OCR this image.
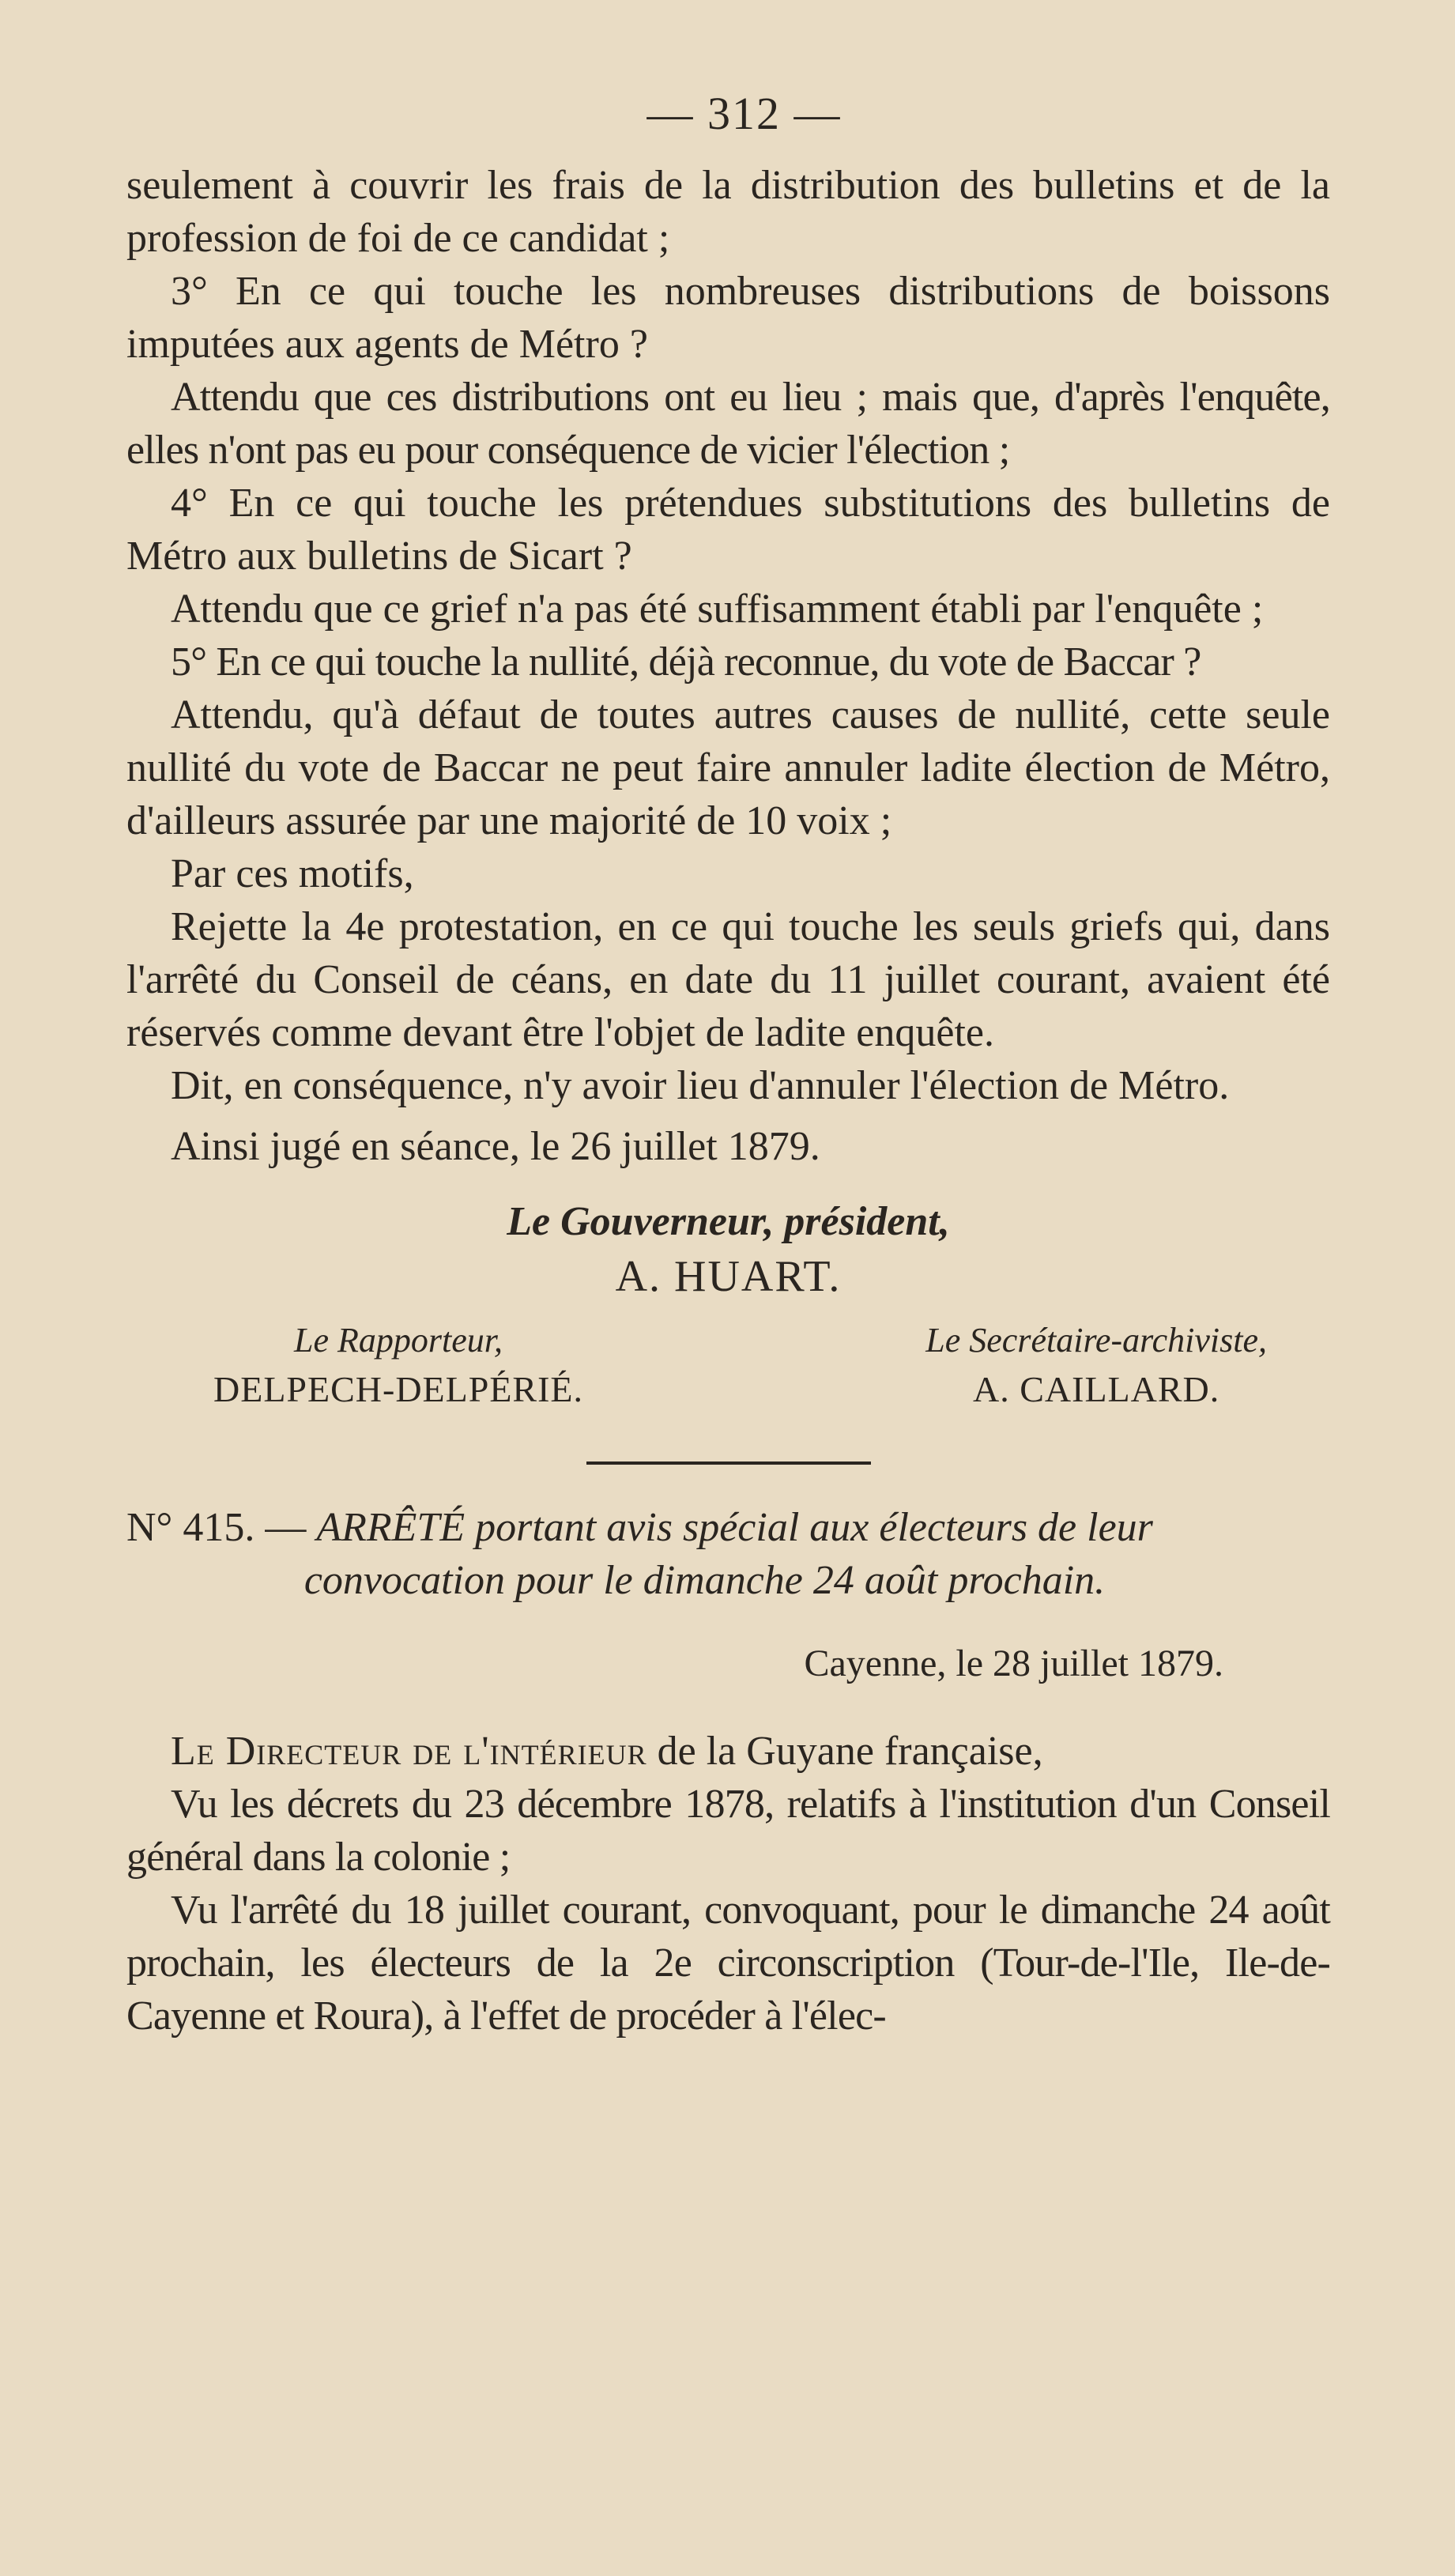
— 312 —

seulement à couvrir les frais de la distribution des bulletins et de la profession de foi de ce candidat ;

3° En ce qui touche les nombreuses distributions de boissons imputées aux agents de Métro ?

Attendu que ces distributions ont eu lieu ; mais que, d'après l'enquête, elles n'ont pas eu pour conséquence de vicier l'élection ;

4° En ce qui touche les prétendues substitutions des bulletins de Métro aux bulletins de Sicart ?

Attendu que ce grief n'a pas été suffisamment établi par l'enquête ;

5° En ce qui touche la nullité, déjà reconnue, du vote de Baccar ?

Attendu, qu'à défaut de toutes autres causes de nullité, cette seule nullité du vote de Baccar ne peut faire annuler ladite élection de Métro, d'ailleurs assurée par une majorité de 10 voix ;

Par ces motifs,

Rejette la 4e protestation, en ce qui touche les seuls griefs qui, dans l'arrêté du Conseil de céans, en date du 11 juillet courant, avaient été réservés comme devant être l'objet de ladite enquête.

Dit, en conséquence, n'y avoir lieu d'annuler l'élection de Métro.

Ainsi jugé en séance, le 26 juillet 1879.

Le Gouverneur, président,
A. HUART.
Le Rapporteur,
DELPECH-DELPÉRIÉ.
Le Secrétaire-archiviste,
A. CAILLARD.

N° 415. — ARRÊTÉ portant avis spécial aux électeurs de leur

convocation pour le dimanche 24 août prochain.
Cayenne, le 28 juillet 1879.

Le Directeur de l'intérieur de la Guyane française,

Vu les décrets du 23 décembre 1878, relatifs à l'institution d'un Conseil général dans la colonie ;

Vu l'arrêté du 18 juillet courant, convoquant, pour le dimanche 24 août prochain, les électeurs de la 2e circonscription (Tour-de-l'Ile, Ile-de-Cayenne et Roura), à l'effet de procéder à l'élec-
